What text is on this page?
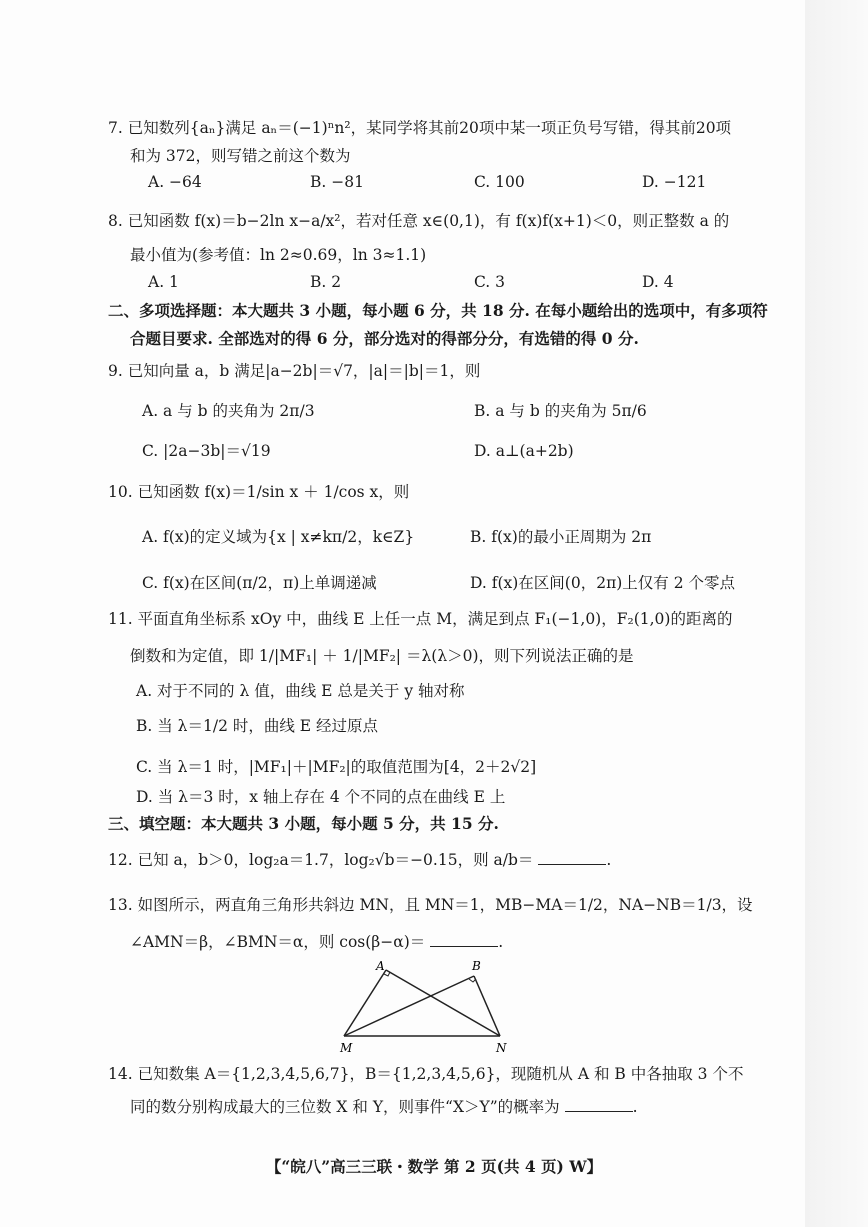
7. 已知数列{aₙ}满足 aₙ＝(−1)ⁿn²，某同学将其前20项中某一项正负号写错，得其前20项
和为 372，则写错之前这个数为
A. −64	B. −81	C. 100	D. −121
8. 已知函数 f(x)＝b−2ln x−a/x²，若对任意 x∈(0,1)，有 f(x)f(x+1)＜0，则正整数 a 的
最小值为(参考值：ln 2≈0.69，ln 3≈1.1)
A. 1	B. 2	C. 3	D. 4
二、多项选择题：本大题共 3 小题，每小题 6 分，共 18 分. 在每小题给出的选项中，有多项符
合题目要求. 全部选对的得 6 分，部分选对的得部分分，有选错的得 0 分.
9. 已知向量 a，b 满足|a−2b|＝√7，|a|＝|b|＝1，则
A. a 与 b 的夹角为 2π/3	B. a 与 b 的夹角为 5π/6
C. |2a−3b|＝√19	D. a⊥(a+2b)
10. 已知函数 f(x)＝1/sin x ＋ 1/cos x，则
A. f(x)的定义域为{x | x≠kπ/2，k∈Z}	B. f(x)的最小正周期为 2π
C. f(x)在区间(π/2，π)上单调递减	D. f(x)在区间(0，2π)上仅有 2 个零点
11. 平面直角坐标系 xOy 中，曲线 E 上任一点 M，满足到点 F₁(−1,0)，F₂(1,0)的距离的
倒数和为定值，即 1/|MF₁| ＋ 1/|MF₂| ＝λ(λ＞0)，则下列说法正确的是
A. 对于不同的 λ 值，曲线 E 总是关于 y 轴对称
B. 当 λ＝1/2 时，曲线 E 经过原点
C. 当 λ＝1 时，|MF₁|＋|MF₂|的取值范围为[4，2＋2√2]
D. 当 λ＝3 时，x 轴上存在 4 个不同的点在曲线 E 上
三、填空题：本大题共 3 小题，每小题 5 分，共 15 分.
12. 已知 a，b＞0，log₂a＝1.7，log₂√b＝−0.15，则 a/b＝	.
13. 如图所示，两直角三角形共斜边 MN，且 MN＝1，MB−MA＝1/2，NA−NB＝1/3，设
∠AMN＝β，∠BMN＝α，则 cos(β−α)＝	.
A	B
M	N
14. 已知数集 A＝{1,2,3,4,5,6,7}，B＝{1,2,3,4,5,6}，现随机从 A 和 B 中各抽取 3 个不
同的数分别构成最大的三位数 X 和 Y，则事件“X＞Y”的概率为	.
【“皖八”高三三联・数学 第 2 页(共 4 页) W】
